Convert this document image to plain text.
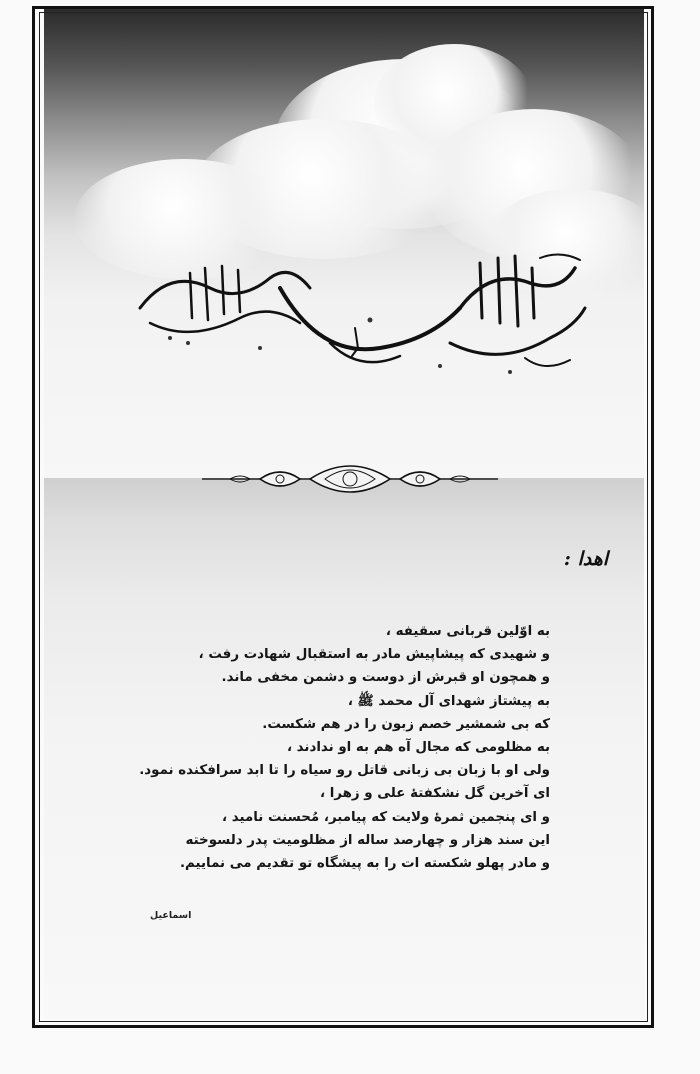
اهدا :
به اوّلین قربانی سقیفه ،
و شهیدی که پیشاپیش مادر به استقبال شهادت رفت ،
و همچون او قبرش از دوست و دشمن مخفی ماند.
به پیشتاز شهدای آل محمد ﷺ ،
که بی شمشیر خصم زبون را در هم شکست.
به مظلومی که مجال آه هم به او ندادند ،
ولی او با زبان بی زبانی قاتل رو سیاه را تا ابد سرافکنده نمود.
ای آخرین گل نشکفتهٔ علی و زهرا ،
و ای پنجمین ثمرهٔ ولایت که پیامبر، مُحسنت نامید ،
این سند هزار و چهارصد ساله از مظلومیت پدر دلسوخته
و مادر پهلو شکسته ات را به پیشگاه تو تقدیم می نماییم.
اسماعیل
